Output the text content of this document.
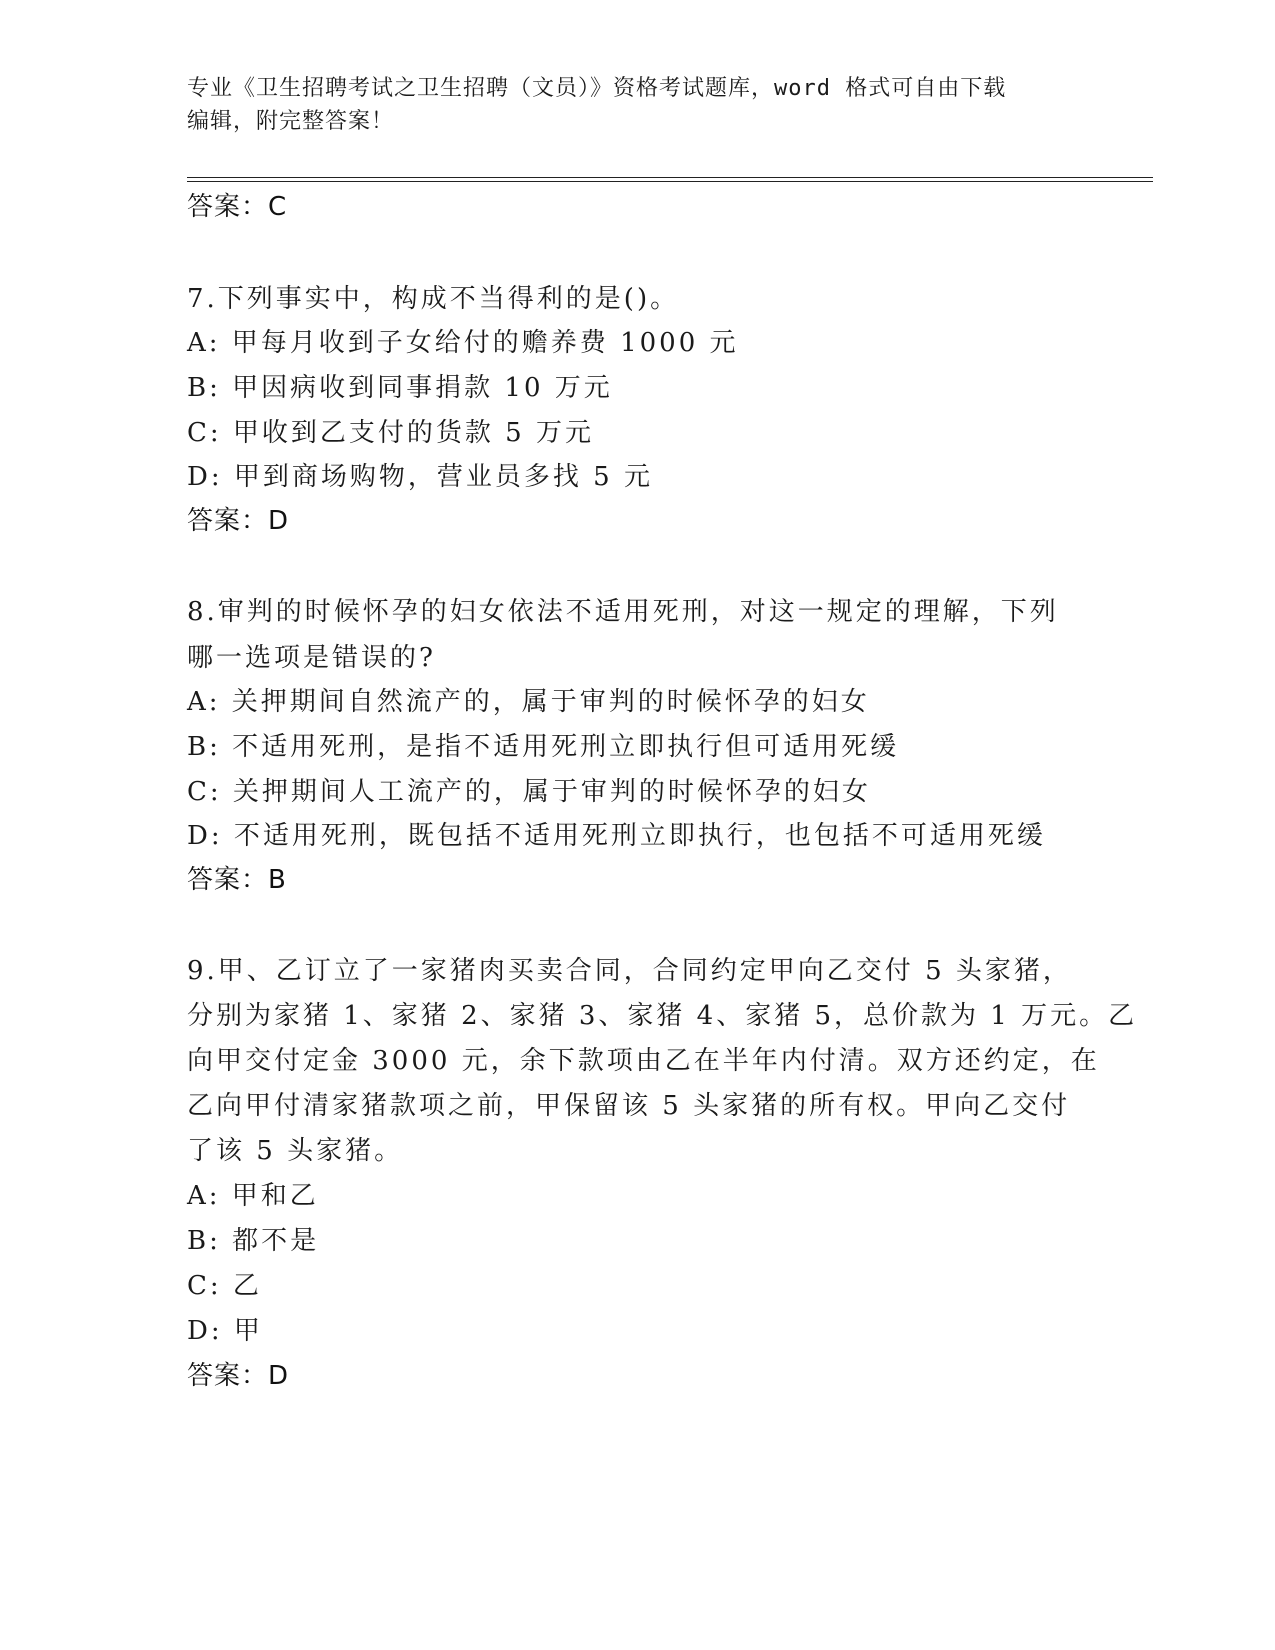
专业《卫生招聘考试之卫生招聘（文员）》资格考试题库，word 格式可自由下载
编辑，附完整答案！
答案：C
7.下列事实中，构成不当得利的是()。
A: 甲每月收到子女给付的赡养费 1000 元
B: 甲因病收到同事捐款 10 万元
C: 甲收到乙支付的货款 5 万元
D: 甲到商场购物，营业员多找 5 元
答案：D
8.审判的时候怀孕的妇女依法不适用死刑，对这一规定的理解，下列
哪一选项是错误的?
A: 关押期间自然流产的，属于审判的时候怀孕的妇女
B: 不适用死刑，是指不适用死刑立即执行但可适用死缓
C: 关押期间人工流产的，属于审判的时候怀孕的妇女
D: 不适用死刑，既包括不适用死刑立即执行，也包括不可适用死缓
答案：B
9.甲、乙订立了一家猪肉买卖合同，合同约定甲向乙交付 5 头家猪，
分别为家猪 1、家猪 2、家猪 3、家猪 4、家猪 5，总价款为 1 万元。乙
向甲交付定金 3000 元，余下款项由乙在半年内付清。双方还约定，在
乙向甲付清家猪款项之前，甲保留该 5 头家猪的所有权。甲向乙交付
了该 5 头家猪。
A: 甲和乙
B: 都不是
C: 乙
D: 甲
答案：D
